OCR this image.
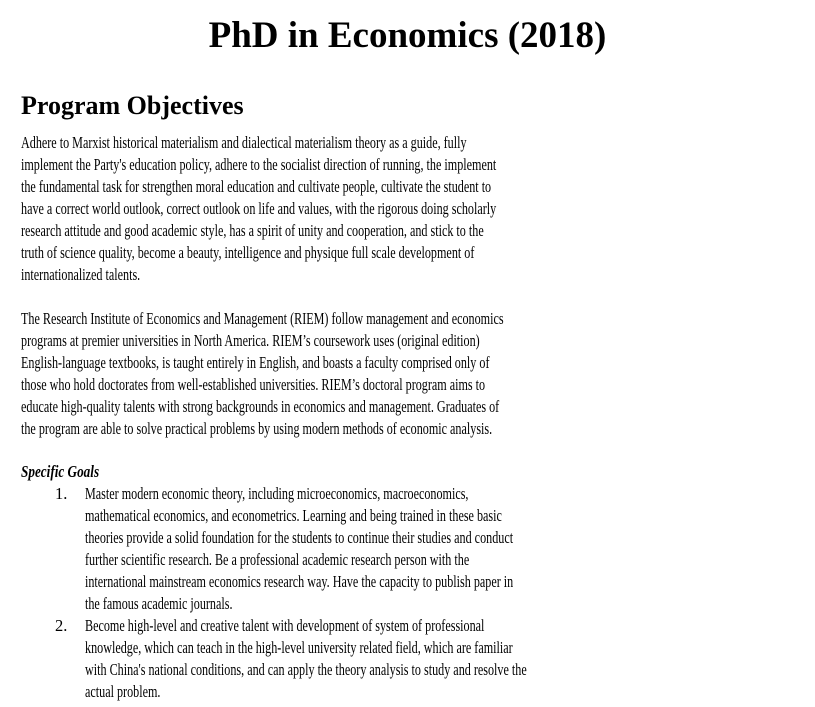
PhD in Economics (2018)
Program Objectives
Adhere to Marxist historical materialism and dialectical materialism theory as a guide, fully
implement the Party's education policy, adhere to the socialist direction of running, the implement
the fundamental task for strengthen moral education and cultivate people, cultivate the student to
have a correct world outlook, correct outlook on life and values, with the rigorous doing scholarly
research attitude and good academic style, has a spirit of unity and cooperation, and stick to the
truth of science quality, become a beauty, intelligence and physique full scale development of
internationalized talents.
The Research Institute of Economics and Management (RIEM) follow management and economics
programs at premier universities in North America. RIEM’s coursework uses (original edition)
English-language textbooks, is taught entirely in English, and boasts a faculty comprised only of
those who hold doctorates from well-established universities. RIEM’s doctoral program aims to
educate high-quality talents with strong backgrounds in economics and management. Graduates of
the program are able to solve practical problems by using modern methods of economic analysis.
Specific Goals
1. Master modern economic theory, including microeconomics, macroeconomics,
mathematical economics, and econometrics. Learning and being trained in these basic
theories provide a solid foundation for the students to continue their studies and conduct
further scientific research. Be a professional academic research person with the
international mainstream economics research way. Have the capacity to publish paper in
the famous academic journals.
2. Become high-level and creative talent with development of system of professional
knowledge, which can teach in the high-level university related field, which are familiar
with China's national conditions, and can apply the theory analysis to study and resolve the
actual problem.
